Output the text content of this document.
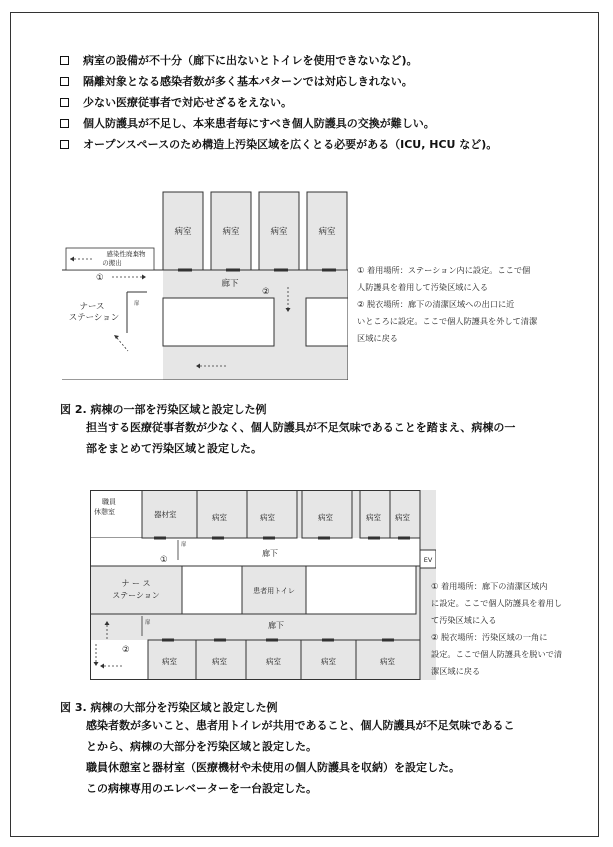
病室の設備が不十分（廊下に出ないとトイレを使用できないなど)。
隔離対象となる感染者数が多く基本パターンでは対応しきれない。
少ない医療従事者で対応せざるをえない。
個人防護具が不足し、本来患者毎にすべき個人防護具の交換が難しい。
オープンスペースのため構造上汚染区域を広くとる必要がある（ICU, HCU など)。
病室	病室	病室	病室
感染性廃棄物
の搬出
①
②
廊下
ナース
ステーション
扉
① 着用場所：ステーション内に設定。ここで個
人防護具を着用して汚染区域に入る
② 脱衣場所：廊下の清潔区域への出口に近
いところに設定。ここで個人防護具を外して清潔
区域に戻る
図 2. 病棟の一部を汚染区域と設定した例
担当する医療従事者数が少なく、個人防護具が不足気味であることを踏まえ、病棟の一
部をまとめて汚染区域と設定した。
職員
休憩室	器材室	病室	病室	病室	病室 病室
扉
①
廊下
EV
ナ ー ス
ステーション	患者用トイレ
廊下
扉
病室	病室	病室	病室	病室
②
① 着用場所：廊下の清潔区域内
に設定。ここで個人防護具を着用し
て汚染区域に入る
② 脱衣場所：汚染区域の一角に
設定。ここで個人防護具を脱いで清
潔区域に戻る
図 3. 病棟の大部分を汚染区域と設定した例
感染者数が多いこと、患者用トイレが共用であること、個人防護具が不足気味であるこ
とから、病棟の大部分を汚染区域と設定した。
職員休憩室と器材室（医療機材や未使用の個人防護具を収納）を設定した。
この病棟専用のエレベーターを一台設定した。
